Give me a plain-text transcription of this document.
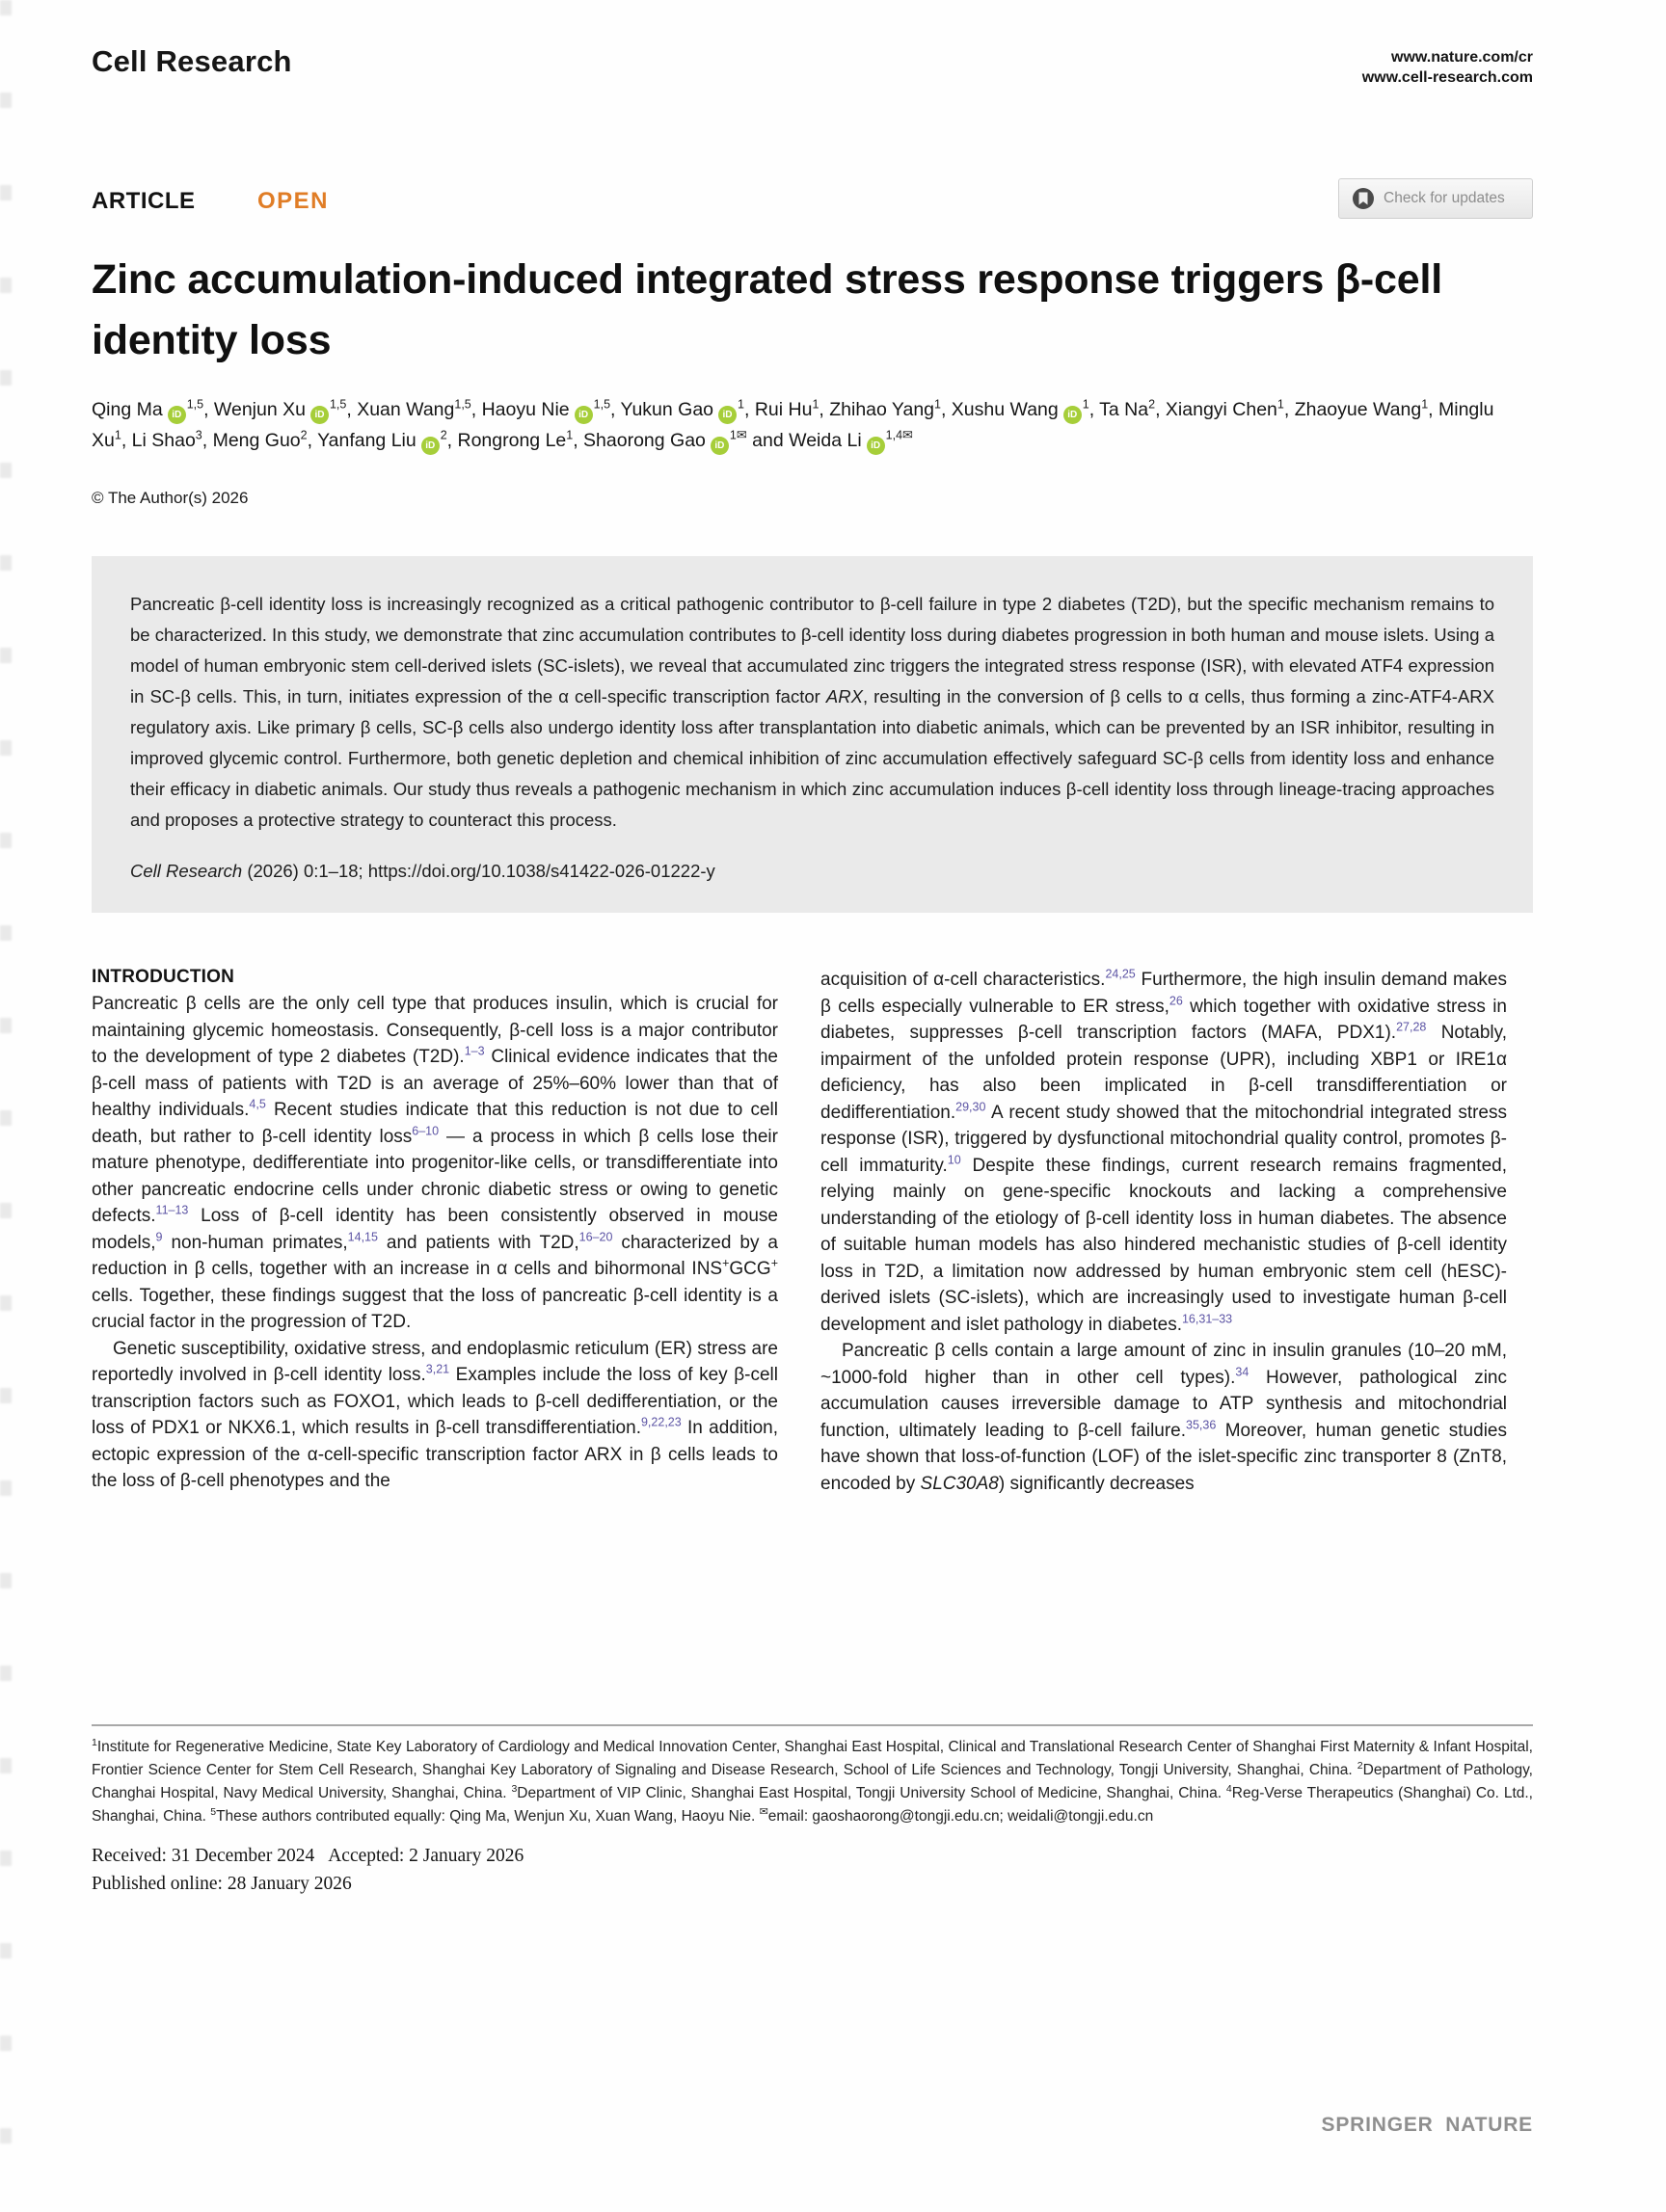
Cell Research	www.nature.com/cr
www.cell-research.com
ARTICLE	OPEN	Check for updates
Zinc accumulation-induced integrated stress response triggers β-cell identity loss
Qing Ma iD$^{1,5}$, Wenjun Xu iD$^{1,5}$, Xuan Wang$^{1,5}$, Haoyu Nie iD$^{1,5}$, Yukun Gao iD$^1$, Rui Hu$^1$, Zhihao Yang$^1$, Xushu Wang iD$^1$, Ta Na$^2$, Xiangyi Chen$^1$, Zhaoyue Wang$^1$, Minglu Xu$^1$, Li Shao$^3$, Meng Guo$^2$, Yanfang Liu iD$^2$, Rongrong Le$^1$, Shaorong Gao iD$^{1✉}$ and Weida Li iD$^{1,4✉}$
© The Author(s) 2026

Pancreatic β-cell identity loss is increasingly recognized as a critical pathogenic contributor to β-cell failure in type 2 diabetes (T2D), but the specific mechanism remains to be characterized. In this study, we demonstrate that zinc accumulation contributes to β-cell identity loss during diabetes progression in both human and mouse islets. Using a model of human embryonic stem cell-derived islets (SC-islets), we reveal that accumulated zinc triggers the integrated stress response (ISR), with elevated ATF4 expression in SC-β cells. This, in turn, initiates expression of the α cell-specific transcription factor ARX, resulting in the conversion of β cells to α cells, thus forming a zinc-ATF4-ARX regulatory axis. Like primary β cells, SC-β cells also undergo identity loss after transplantation into diabetic animals, which can be prevented by an ISR inhibitor, resulting in improved glycemic control. Furthermore, both genetic depletion and chemical inhibition of zinc accumulation effectively safeguard SC-β cells from identity loss and enhance their efficacy in diabetic animals. Our study thus reveals a pathogenic mechanism in which zinc accumulation induces β-cell identity loss through lineage-tracing approaches and proposes a protective strategy to counteract this process.

Cell Research (2026) 0:1–18; https://doi.org/10.1038/s41422-026-01222-y

INTRODUCTION

Pancreatic β cells are the only cell type that produces insulin, which is crucial for maintaining glycemic homeostasis. Consequently, β-cell loss is a major contributor to the development of type 2 diabetes (T2D).$^{1-3}$ Clinical evidence indicates that the β-cell mass of patients with T2D is an average of 25%–60% lower than that of healthy individuals.$^{4,5}$ Recent studies indicate that this reduction is not due to cell death, but rather to β-cell identity loss$^{6-10}$ — a process in which β cells lose their mature phenotype, dedifferentiate into progenitor-like cells, or transdifferentiate into other pancreatic endocrine cells under chronic diabetic stress or owing to genetic defects.$^{11-13}$ Loss of β-cell identity has been consistently observed in mouse models,$^9$ non-human primates,$^{14,15}$ and patients with T2D,$^{16-20}$ characterized by a reduction in β cells, together with an increase in α cells and bihormonal INS+GCG+ cells. Together, these findings suggest that the loss of pancreatic β-cell identity is a crucial factor in the progression of T2D.

Genetic susceptibility, oxidative stress, and endoplasmic reticulum (ER) stress are reportedly involved in β-cell identity loss.$^{3,21}$ Examples include the loss of key β-cell transcription factors such as FOXO1, which leads to β-cell dedifferentiation, or the loss of PDX1 or NKX6.1, which results in β-cell transdifferentiation.$^{9,22,23}$ In addition, ectopic expression of the α-cell-specific transcription factor ARX in β cells leads to the loss of β-cell phenotypes and the

acquisition of α-cell characteristics.$^{24,25}$ Furthermore, the high insulin demand makes β cells especially vulnerable to ER stress,$^{26}$ which together with oxidative stress in diabetes, suppresses β-cell transcription factors (MAFA, PDX1).$^{27,28}$ Notably, impairment of the unfolded protein response (UPR), including XBP1 or IRE1α deficiency, has also been implicated in β-cell transdifferentiation or dedifferentiation.$^{29,30}$ A recent study showed that the mitochondrial integrated stress response (ISR), triggered by dysfunctional mitochondrial quality control, promotes β-cell immaturity.$^{10}$ Despite these findings, current research remains fragmented, relying mainly on gene-specific knockouts and lacking a comprehensive understanding of the etiology of β-cell identity loss in human diabetes. The absence of suitable human models has also hindered mechanistic studies of β-cell identity loss in T2D, a limitation now addressed by human embryonic stem cell (hESC)-derived islets (SC-islets), which are increasingly used to investigate human β-cell development and islet pathology in diabetes.$^{16,31-33}$

Pancreatic β cells contain a large amount of zinc in insulin granules (10–20 mM, ~1000-fold higher than in other cell types).$^{34}$ However, pathological zinc accumulation causes irreversible damage to ATP synthesis and mitochondrial function, ultimately leading to β-cell failure.$^{35,36}$ Moreover, human genetic studies have shown that loss-of-function (LOF) of the islet-specific zinc transporter 8 (ZnT8, encoded by SLC30A8) significantly decreases

$^1$Institute for Regenerative Medicine, State Key Laboratory of Cardiology and Medical Innovation Center, Shanghai East Hospital, Clinical and Translational Research Center of Shanghai First Maternity & Infant Hospital, Frontier Science Center for Stem Cell Research, Shanghai Key Laboratory of Signaling and Disease Research, School of Life Sciences and Technology, Tongji University, Shanghai, China. $^2$Department of Pathology, Changhai Hospital, Navy Medical University, Shanghai, China. $^3$Department of VIP Clinic, Shanghai East Hospital, Tongji University School of Medicine, Shanghai, China. $^4$Reg-Verse Therapeutics (Shanghai) Co. Ltd., Shanghai, China. $^5$These authors contributed equally: Qing Ma, Wenjun Xu, Xuan Wang, Haoyu Nie. ✉email: gaoshaorong@tongji.edu.cn; weidali@tongji.edu.cn
Received: 31 December 2024 Accepted: 2 January 2026
Published online: 28 January 2026
SPRINGER NATURE
